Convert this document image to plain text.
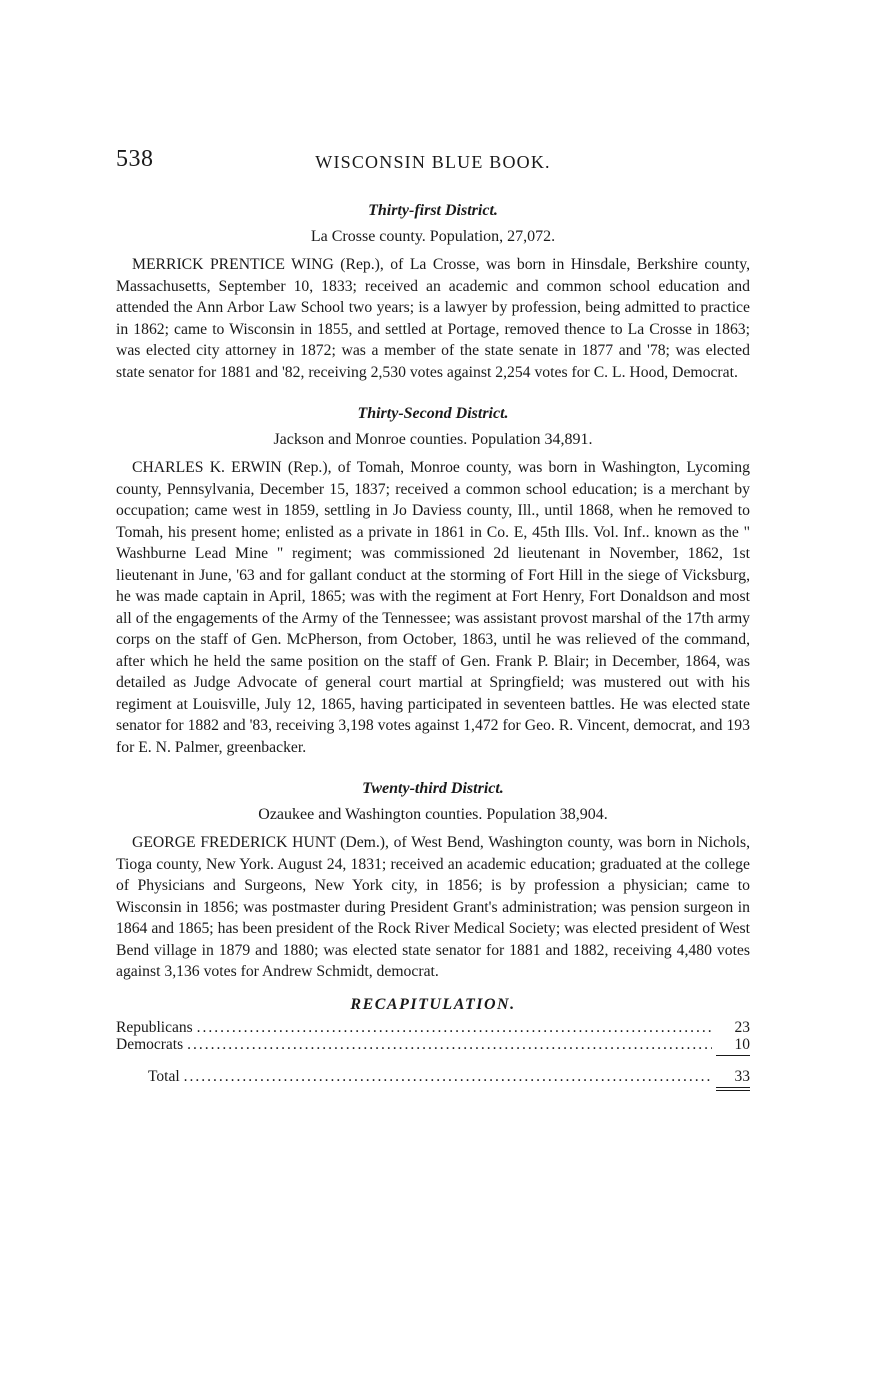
538	WISCONSIN BLUE BOOK.
Thirty-first District.

La Crosse county. Population, 27,072.

MERRICK PRENTICE WING (Rep.), of La Crosse, was born in Hinsdale, Berkshire county, Massachusetts, September 10, 1833; received an academic and common school education and attended the Ann Arbor Law School two years; is a lawyer by profession, being admitted to practice in 1862; came to Wisconsin in 1855, and settled at Portage, removed thence to La Crosse in 1863; was elected city attorney in 1872; was a member of the state senate in 1877 and '78; was elected state senator for 1881 and '82, receiving 2,530 votes against 2,254 votes for C. L. Hood, Democrat.

Thirty-Second District.

Jackson and Monroe counties. Population 34,891.

CHARLES K. ERWIN (Rep.), of Tomah, Monroe county, was born in Washington, Lycoming county, Pennsylvania, December 15, 1837; received a common school education; is a merchant by occupation; came west in 1859, settling in Jo Daviess county, Ill., until 1868, when he removed to Tomah, his present home; enlisted as a private in 1861 in Co. E, 45th Ills. Vol. Inf.. known as the " Washburne Lead Mine " regiment; was commissioned 2d lieutenant in November, 1862, 1st lieutenant in June, '63 and for gallant conduct at the storming of Fort Hill in the siege of Vicksburg, he was made captain in April, 1865; was with the regiment at Fort Henry, Fort Donaldson and most all of the engagements of the Army of the Tennessee; was assistant provost marshal of the 17th army corps on the staff of Gen. McPherson, from October, 1863, until he was relieved of the command, after which he held the same position on the staff of Gen. Frank P. Blair; in December, 1864, was detailed as Judge Advocate of general court martial at Springfield; was mustered out with his regiment at Louisville, July 12, 1865, having participated in seventeen battles. He was elected state senator for 1882 and '83, receiving 3,198 votes against 1,472 for Geo. R. Vincent, democrat, and 193 for E. N. Palmer, greenbacker.

Twenty-third District.

Ozaukee and Washington counties. Population 38,904.

GEORGE FREDERICK HUNT (Dem.), of West Bend, Washington county, was born in Nichols, Tioga county, New York. August 24, 1831; received an academic education; graduated at the college of Physicians and Surgeons, New York city, in 1856; is by profession a physician; came to Wisconsin in 1856; was postmaster during President Grant's administration; was pension surgeon in 1864 and 1865; has been president of the Rock River Medical Society; was elected president of West Bend village in 1879 and 1880; was elected state senator for 1881 and 1882, receiving 4,480 votes against 3,136 votes for Andrew Schmidt, democrat.

RECAPITULATION.
Republicans .....	23
Democrats .....	10
Total .....	33
